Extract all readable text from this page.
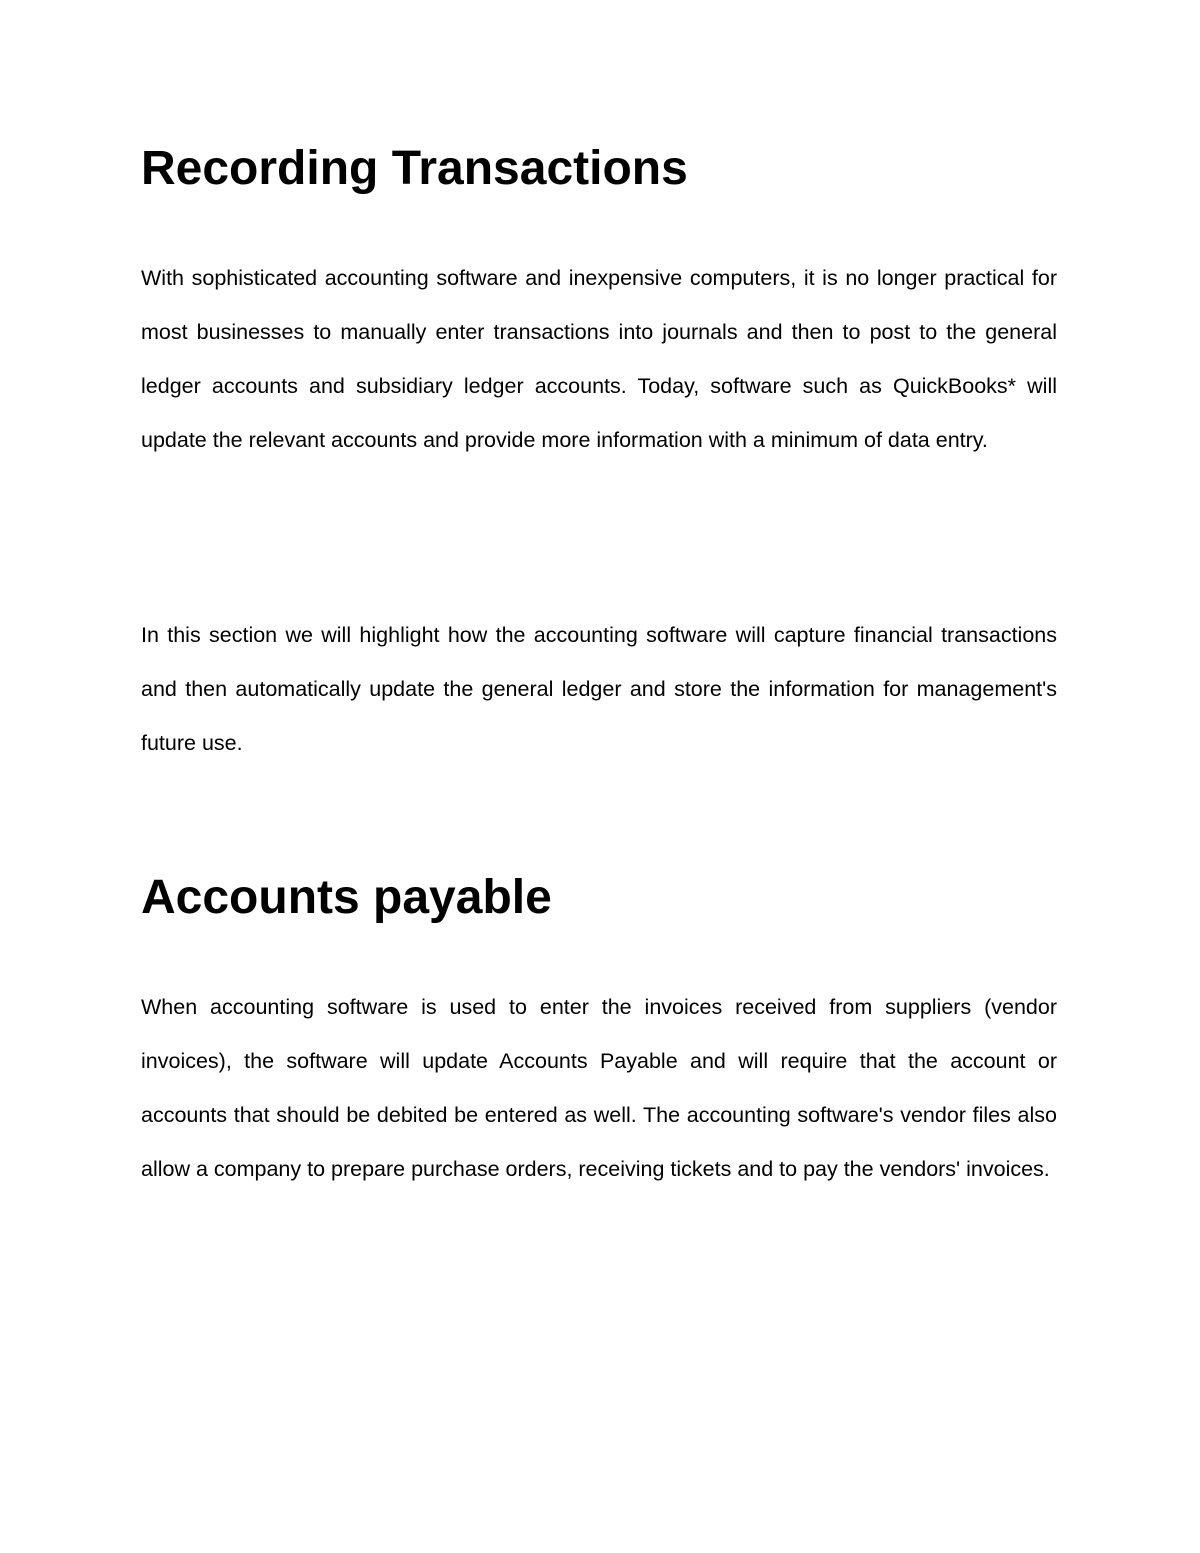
Recording Transactions

With sophisticated accounting software and inexpensive computers, it is no longer practical for most businesses to manually enter transactions into journals and then to post to the general ledger accounts and subsidiary ledger accounts. Today, software such as QuickBooks* will update the relevant accounts and provide more information with a minimum of data entry.

In this section we will highlight how the accounting software will capture financial transactions and then automatically update the general ledger and store the information for management's future use.

Accounts payable

When accounting software is used to enter the invoices received from suppliers (vendor invoices), the software will update Accounts Payable and will require that the account or accounts that should be debited be entered as well. The accounting software's vendor files also allow a company to prepare purchase orders, receiving tickets and to pay the vendors' invoices.
